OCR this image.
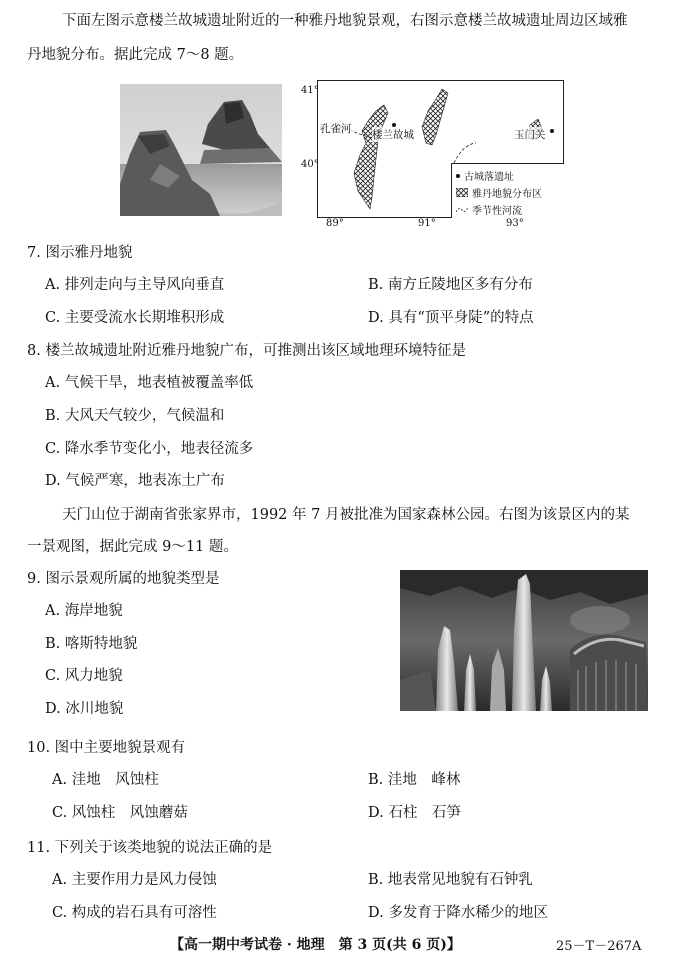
下面左图示意楼兰故城遗址附近的一种雅丹地貌景观，右图示意楼兰故城遗址周边区域雅
丹地貌分布。据此完成 7～8 题。
41°
40°
89°	91°	93°
孔雀河 楼兰故城	玉门关
古城落遗址
雅丹地貌分布区
季节性河流
7. 图示雅丹地貌
A. 排列走向与主导风向垂直	B. 南方丘陵地区多有分布
C. 主要受流水长期堆积形成	D. 具有“顶平身陡”的特点
8. 楼兰故城遗址附近雅丹地貌广布，可推测出该区域地理环境特征是
A. 气候干旱，地表植被覆盖率低
B. 大风天气较少，气候温和
C. 降水季节变化小，地表径流多
D. 气候严寒，地表冻土广布
天门山位于湖南省张家界市，1992 年 7 月被批准为国家森林公园。右图为该景区内的某
一景观图，据此完成 9～11 题。
9. 图示景观所属的地貌类型是
A. 海岸地貌
B. 喀斯特地貌
C. 风力地貌
D. 冰川地貌
10. 图中主要地貌景观有
A. 洼地　风蚀柱	B. 洼地　峰林
C. 风蚀柱　风蚀蘑菇	D. 石柱　石笋
11. 下列关于该类地貌的说法正确的是
A. 主要作用力是风力侵蚀	B. 地表常见地貌有石钟乳
C. 构成的岩石具有可溶性	D. 多发育于降水稀少的地区
【高一期中考试卷 · 地理　第 3 页(共 6 页)】	25－T－267A
